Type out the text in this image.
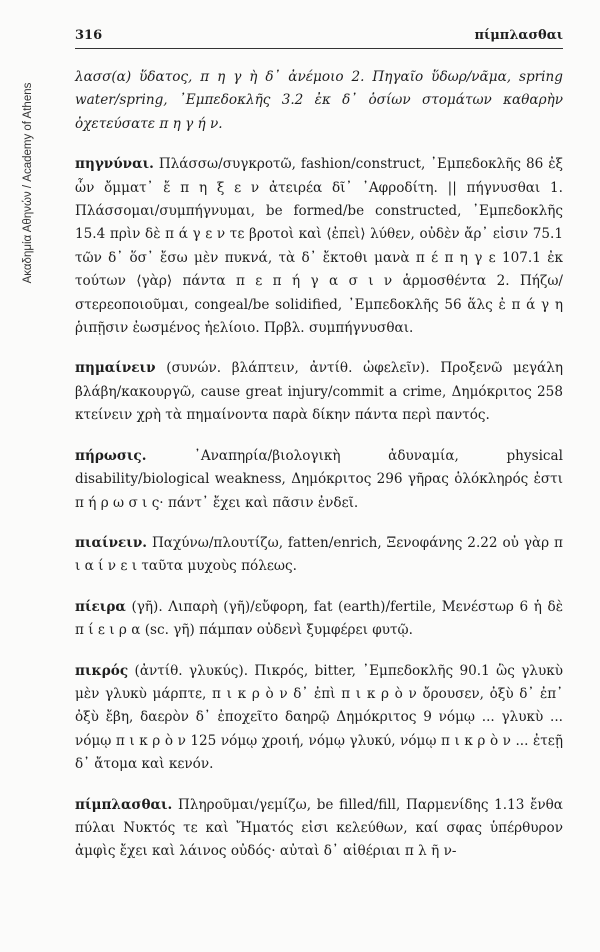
Ακαδημία Αθηνών / Academy of Athens
316	πίμπλασθαι

λασσ(α) ὕδατος, π η γ ὴ δ᾽ ἀνέμοιο 2. Πηγαῖο ὕδωρ/νᾶμα, spring water/spring, ᾽Εμπεδοκλῆς 3.2 ἐκ δ᾽ ὁσίων στομάτων καθαρὴν ὀχετεύσατε π η γ ή ν.

πηγνύναι. Πλάσσω/συγκροτῶ, fashion/construct, ᾽Εμπεδοκλῆς 86 ἐξ ὧν ὄμματ᾽ ἔ π η ξ ε ν ἀτειρέα δῖ᾽ ᾽Αφροδίτη. || πήγνυσθαι 1. Πλάσσομαι/συμπήγνυμαι, be formed/be constructed, ᾽Εμπεδοκλῆς 15.4 πρὶν δὲ π ά γ ε ν τε βροτοὶ καὶ ⟨ἐπεὶ⟩ λύθεν, οὐδὲν ἄρ᾽ εἰσιν 75.1 τῶν δ᾽ ὅσ᾽ ἔσω μὲν πυκνά, τὰ δ᾽ ἔκτοθι μανὰ π έ π η γ ε 107.1 ἐκ τούτων ⟨γὰρ⟩ πάντα π ε π ή γ α σ ι ν ἁρμοσθέντα 2. Πήζω/στερεοποιοῦμαι, congeal/be solidified, ᾽Εμπεδοκλῆς 56 ἅλς ἐ π ά γ η ῥιπῇσιν ἐωσμένος ἠελίοιο. Πρβλ. συμπήγνυσθαι.

πημαίνειν (συνών. βλάπτειν, ἀντίθ. ὠφελεῖν). Προξενῶ μεγάλη βλάβη/κακουργῶ, cause great injury/commit a crime, Δημόκριτος 258 κτείνειν χρὴ τὰ πημαίνοντα παρὰ δίκην πάντα περὶ παντός.

πήρωσις.	᾽Αναπηρία/βιολογικὴ ἀδυναμία, physical disability/biological weakness, Δημόκριτος 296 γῆρας ὁλόκληρός ἐστι π ή ρ ω σ ι ς· πάντ᾽ ἔχει καὶ πᾶσιν ἐνδεῖ.

πιαίνειν. Παχύνω/πλουτίζω, fatten/enrich, Ξενοφάνης 2.22 οὐ γὰρ π ι α ί ν ε ι ταῦτα μυχοὺς πόλεως.

πίειρα (γῆ). Λιπαρὴ (γῆ)/εὔφορη, fat (earth)/fertile, Μενέστωρ 6 ἡ δὲ π ί ε ι ρ α (sc. γῆ) πάμπαν οὐδενὶ ξυμφέρει φυτῷ.

πικρός (ἀντίθ. γλυκύς). Πικρός, bitter, ᾽Εμπεδοκλῆς 90.1 ὣς γλυκὺ μὲν γλυκὺ μάρπτε, π ι κ ρ ὸ ν δ᾽ ἐπὶ π ι κ ρ ὸ ν ὄρουσεν, ὀξὺ δ᾽ ἐπ᾽ ὀξὺ ἔβη, δαερὸν δ᾽ ἐποχεῖτο δαηρῷ Δημόκριτος 9 νόμῳ ... γλυκὺ ... νόμῳ π ι κ ρ ὸ ν 125 νόμῳ χροιή, νόμῳ γλυκύ, νόμῳ π ι κ ρ ὸ ν ... ἐτεῇ δ᾽ ἄτομα καὶ κενόν.

πίμπλασθαι. Πληροῦμαι/γεμίζω, be filled/fill, Παρμενίδης 1.13 ἔνθα πύλαι Νυκτός τε καὶ Ἤματός εἰσι κελεύθων, καί σφας ὑπέρθυρον ἀμφὶς ἔχει καὶ λάινος οὐδός· αὐταὶ δ᾽ αἰθέριαι π λ ῆ ν-
